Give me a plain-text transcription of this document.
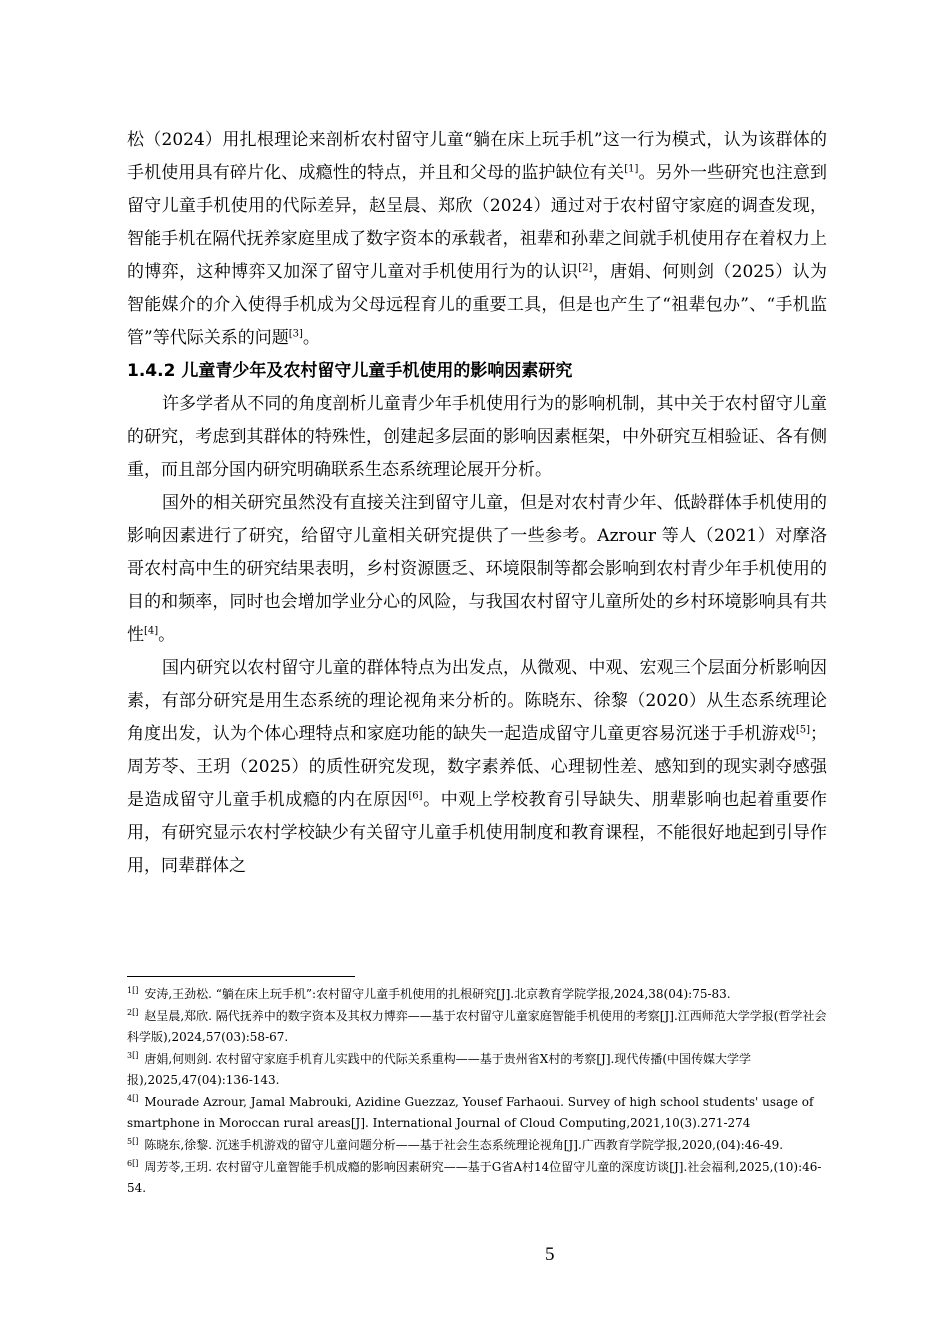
松（2024）用扎根理论来剖析农村留守儿童“躺在床上玩手机”这一行为模式，认为该群体的手机使用具有碎片化、成瘾性的特点，并且和父母的监护缺位有关[1]。另外一些研究也注意到留守儿童手机使用的代际差异，赵呈晨、郑欣（2024）通过对于农村留守家庭的调查发现，智能手机在隔代抚养家庭里成了数字资本的承载者，祖辈和孙辈之间就手机使用存在着权力上的博弈，这种博弈又加深了留守儿童对手机使用行为的认识[2]，唐娟、何则剑（2025）认为智能媒介的介入使得手机成为父母远程育儿的重要工具，但是也产生了“祖辈包办”、“手机监管”等代际关系的问题[3]。

1.4.2 儿童青少年及农村留守儿童手机使用的影响因素研究

许多学者从不同的角度剖析儿童青少年手机使用行为的影响机制，其中关于农村留守儿童的研究，考虑到其群体的特殊性，创建起多层面的影响因素框架，中外研究互相验证、各有侧重，而且部分国内研究明确联系生态系统理论展开分析。

国外的相关研究虽然没有直接关注到留守儿童，但是对农村青少年、低龄群体手机使用的影响因素进行了研究，给留守儿童相关研究提供了一些参考。Azrour 等人（2021）对摩洛哥农村高中生的研究结果表明，乡村资源匮乏、环境限制等都会影响到农村青少年手机使用的目的和频率，同时也会增加学业分心的风险，与我国农村留守儿童所处的乡村环境影响具有共性[4]。

国内研究以农村留守儿童的群体特点为出发点，从微观、中观、宏观三个层面分析影响因素，有部分研究是用生态系统的理论视角来分析的。陈晓东、徐黎（2020）从生态系统理论角度出发，认为个体心理特点和家庭功能的缺失一起造成留守儿童更容易沉迷于手机游戏[5]；周芳苓、王玥（2025）的质性研究发现，数字素养低、心理韧性差、感知到的现实剥夺感强是造成留守儿童手机成瘾的内在原因[6]。中观上学校教育引导缺失、朋辈影响也起着重要作用，有研究显示农村学校缺少有关留守儿童手机使用制度和教育课程，不能很好地起到引导作用，同辈群体之

$^{1[]}$ 安涛,王劲松. “躺在床上玩手机”:农村留守儿童手机使用的扎根研究[J].北京教育学院学报,2024,38(04):75-83.

$^{2[]}$ 赵呈晨,郑欣. 隔代抚养中的数字资本及其权力博弈——基于农村留守儿童家庭智能手机使用的考察[J].江西师范大学学报(哲学社会科学版),2024,57(03):58-67.

$^{3[]}$ 唐娟,何则剑. 农村留守家庭手机育儿实践中的代际关系重构——基于贵州省X村的考察[J].现代传播(中国传媒大学学报),2025,47(04):136-143.

$^{4[]}$ Mourade Azrour, Jamal Mabrouki, Azidine Guezzaz, Yousef Farhaoui. Survey of high school students' usage of smartphone in Moroccan rural areas[J]. International Journal of Cloud Computing,2021,10(3).271-274

$^{5[]}$ 陈晓东,徐黎. 沉迷手机游戏的留守儿童问题分析——基于社会生态系统理论视角[J].广西教育学院学报,2020,(04):46-49.

$^{6[]}$ 周芳苓,王玥. 农村留守儿童智能手机成瘾的影响因素研究——基于G省A村14位留守儿童的深度访谈[J].社会福利,2025,(10):46-54.

5
